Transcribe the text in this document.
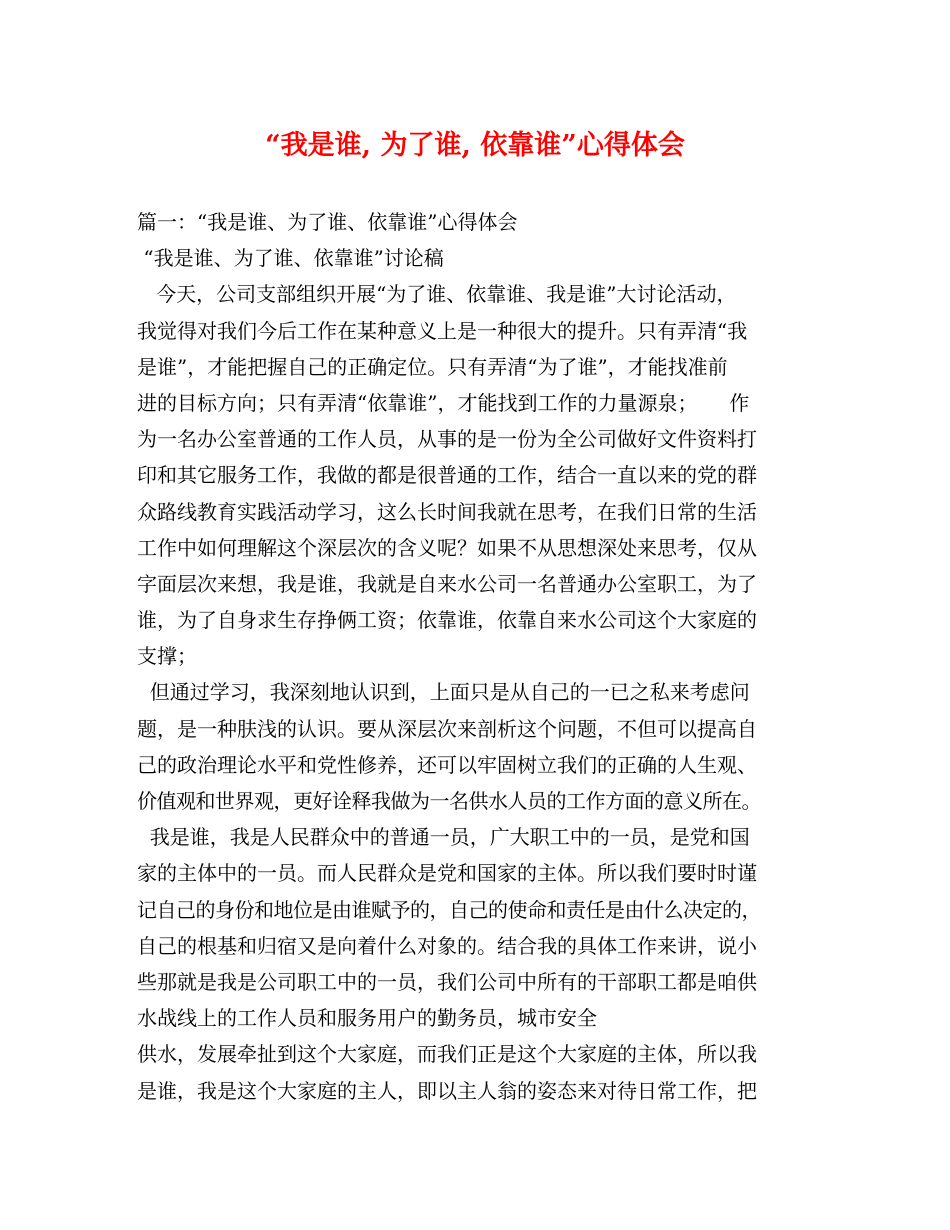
“我是谁, 为了谁, 依靠谁”心得体会
篇一：“我是谁、为了谁、依靠谁”心得体会
“我是谁、为了谁、依靠谁”讨论稿
今天，公司支部组织开展“为了谁、依靠谁、我是谁”大讨论活动，
我觉得对我们今后工作在某种意义上是一种很大的提升。只有弄清“我
是谁”，才能把握自己的正确定位。只有弄清“为了谁”，才能找准前
进的目标方向；只有弄清“依靠谁”，才能找到工作的力量源泉；     作
为一名办公室普通的工作人员，从事的是一份为全公司做好文件资料打
印和其它服务工作，我做的都是很普通的工作，结合一直以来的党的群
众路线教育实践活动学习，这么长时间我就在思考，在我们日常的生活
工作中如何理解这个深层次的含义呢？如果不从思想深处来思考，仅从
字面层次来想，我是谁，我就是自来水公司一名普通办公室职工，为了
谁，为了自身求生存挣俩工资；依靠谁，依靠自来水公司这个大家庭的
支撑；
但通过学习，我深刻地认识到，上面只是从自己的一已之私来考虑问
题，是一种肤浅的认识。要从深层次来剖析这个问题，不但可以提高自
己的政治理论水平和党性修养，还可以牢固树立我们的正确的人生观、
价值观和世界观，更好诠释我做为一名供水人员的工作方面的意义所在。
我是谁，我是人民群众中的普通一员，广大职工中的一员，是党和国
家的主体中的一员。而人民群众是党和国家的主体。所以我们要时时谨
记自己的身份和地位是由谁赋予的，自己的使命和责任是由什么决定的，
自己的根基和归宿又是向着什么对象的。结合我的具体工作来讲，说小
些那就是我是公司职工中的一员，我们公司中所有的干部职工都是咱供
水战线上的工作人员和服务用户的勤务员，城市安全
供水，发展牵扯到这个大家庭，而我们正是这个大家庭的主体，所以我
是谁，我是这个大家庭的主人，即以主人翁的姿态来对待日常工作，把
